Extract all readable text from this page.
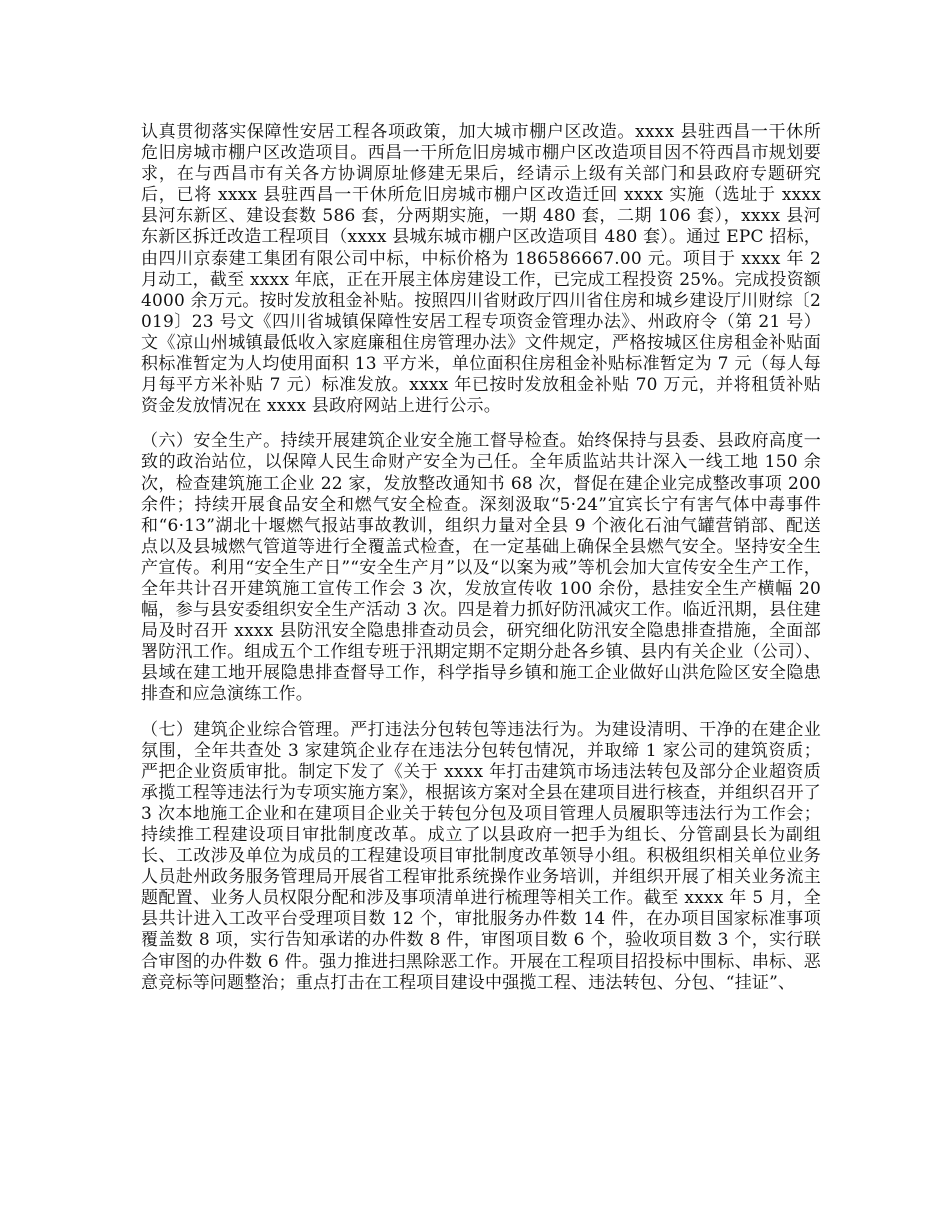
认真贯彻落实保障性安居工程各项政策，加大城市棚户区改造。xxxx 县驻西昌一干休所危旧房城市棚户区改造项目。西昌一干所危旧房城市棚户区改造项目因不符西昌市规划要求，在与西昌市有关各方协调原址修建无果后，经请示上级有关部门和县政府专题研究后，已将 xxxx 县驻西昌一干休所危旧房城市棚户区改造迁回 xxxx 实施（选址于 xxxx 县河东新区、建设套数 586 套，分两期实施，一期 480 套，二期 106 套），xxxx 县河东新区拆迁改造工程项目（xxxx 县城东城市棚户区改造项目 480 套）。通过 EPC 招标，由四川京泰建工集团有限公司中标，中标价格为 186586667.00 元。项目于 xxxx 年 2 月动工，截至 xxxx 年底，正在开展主体房建设工作，已完成工程投资 25%。完成投资额 4000 余万元。按时发放租金补贴。按照四川省财政厅四川省住房和城乡建设厅川财综〔2019〕23 号文《四川省城镇保障性安居工程专项资金管理办法》、州政府令（第 21 号）文《凉山州城镇最低收入家庭廉租住房管理办法》文件规定，严格按城区住房租金补贴面积标准暂定为人均使用面积 13 平方米，单位面积住房租金补贴标准暂定为 7 元（每人每月每平方米补贴 7 元）标准发放。xxxx 年已按时发放租金补贴 70 万元，并将租赁补贴资金发放情况在 xxxx 县政府网站上进行公示。

（六）安全生产。持续开展建筑企业安全施工督导检查。始终保持与县委、县政府高度一致的政治站位，以保障人民生命财产安全为己任。全年质监站共计深入一线工地 150 余次，检查建筑施工企业 22 家，发放整改通知书 68 次，督促在建企业完成整改事项 200 余件；持续开展食品安全和燃气安全检查。深刻汲取“5·24”宜宾长宁有害气体中毒事件和“6·13”湖北十堰燃气报站事故教训，组织力量对全县 9 个液化石油气罐营销部、配送点以及县城燃气管道等进行全覆盖式检查，在一定基础上确保全县燃气安全。坚持安全生产宣传。利用“安全生产日”“安全生产月”以及“以案为戒”等机会加大宣传安全生产工作，全年共计召开建筑施工宣传工作会 3 次，发放宣传收 100 余份，悬挂安全生产横幅 20 幅，参与县安委组织安全生产活动 3 次。四是着力抓好防汛减灾工作。临近汛期，县住建局及时召开 xxxx 县防汛安全隐患排查动员会，研究细化防汛安全隐患排查措施，全面部署防汛工作。组成五个工作组专班于汛期定期不定期分赴各乡镇、县内有关企业（公司）、县域在建工地开展隐患排查督导工作，科学指导乡镇和施工企业做好山洪危险区安全隐患排查和应急演练工作。

（七）建筑企业综合管理。严打违法分包转包等违法行为。为建设清明、干净的在建企业氛围，全年共查处 3 家建筑企业存在违法分包转包情况，并取缔 1 家公司的建筑资质；严把企业资质审批。制定下发了《关于 xxxx 年打击建筑市场违法转包及部分企业超资质承揽工程等违法行为专项实施方案》，根据该方案对全县在建项目进行核查，并组织召开了 3 次本地施工企业和在建项目企业关于转包分包及项目管理人员履职等违法行为工作会；持续推工程建设项目审批制度改革。成立了以县政府一把手为组长、分管副县长为副组长、工改涉及单位为成员的工程建设项目审批制度改革领导小组。积极组织相关单位业务人员赴州政务服务管理局开展省工程审批系统操作业务培训，并组织开展了相关业务流主题配置、业务人员权限分配和涉及事项清单进行梳理等相关工作。截至 xxxx 年 5 月，全县共计进入工改平台受理项目数 12 个，审批服务办件数 14 件，在办项目国家标准事项覆盖数 8 项，实行告知承诺的办件数 8 件，审图项目数 6 个，验收项目数 3 个，实行联合审图的办件数 6 件。强力推进扫黑除恶工作。开展在工程项目招投标中围标、串标、恶意竞标等问题整治；重点打击在工程项目建设中强揽工程、违法转包、分包、“挂证”、
